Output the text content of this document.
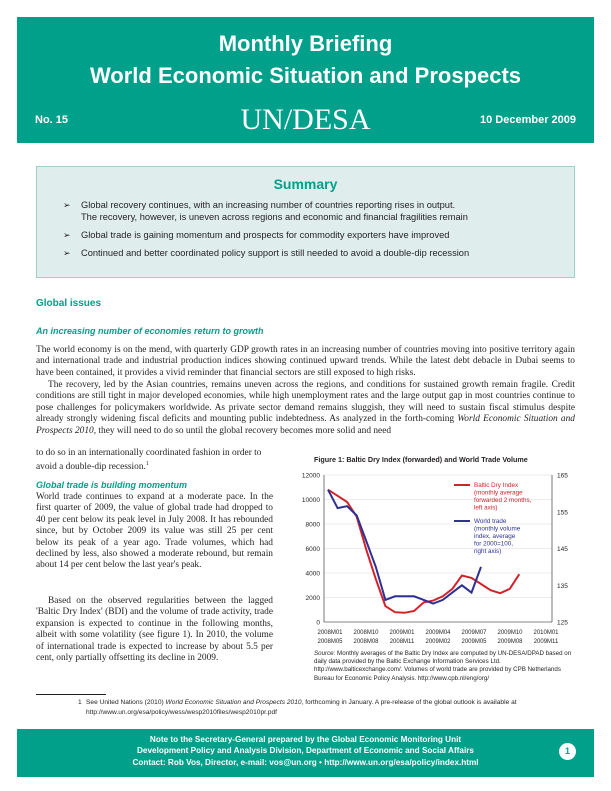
Monthly Briefing
World Economic Situation and Prospects
No. 15	UN/DESA	10 December 2009
Summary
➢ Global recovery continues, with an increasing number of countries reporting rises in output.
The recovery, however, is uneven across regions and economic and financial fragilities remain
➢ Global trade is gaining momentum and prospects for commodity exporters have improved
➢ Continued and better coordinated policy support is still needed to avoid a double-dip recession
Global issues
An increasing number of economies return to growth
The world economy is on the mend, with quarterly GDP growth rates in an increasing number of countries moving into positive territory again and international trade and industrial production indices showing continued upward trends. While the latest debt debacle in Dubai seems to have been contained, it provides a vivid reminder that financial sectors are still exposed to high risks.
The recovery, led by the Asian countries, remains uneven across the regions, and conditions for sustained growth remain fragile. Credit conditions are still tight in major developed economies, while high unemployment rates and the large output gap in most countries continue to pose challenges for policymakers worldwide. As private sector demand remains sluggish, they will need to sustain fiscal stimulus despite already strongly widening fiscal deficits and mounting public indebtedness. As analyzed in the forth-coming World Economic Situation and Prospects 2010, they will need to do so until the global recovery becomes more solid and need
to do so in an internationally coordinated fashion in order to avoid a double-dip recession.$^1$
Global trade is building momentum
World trade continues to expand at a moderate pace. In the first quarter of 2009, the value of global trade had dropped to 40 per cent below its peak level in July 2008. It has rebounded since, but by October 2009 its value was still 25 per cent below its peak of a year ago. Trade volumes, which had declined by less, also showed a moderate rebound, but remain about 14 per cent below the last year's peak.
Based on the observed regularities between the lagged 'Baltic Dry Index' (BDI) and the volume of trade activity, trade expansion is expected to continue in the following months, albeit with some volatility (see figure 1). In 2010, the volume of international trade is expected to increase by about 5.5 per cent, only partially offsetting its decline in 2009.
Figure 1: Baltic Dry Index (forwarded) and World Trade Volume
0
2000
4000
6000
8000
10000
12000
125
135
145
155
165
2008M01 2008M10 2009M01 2009M04 2009M07 2009M10 2010M01
2008M05 2008M08 2008M11 2009M02 2009M05 2009M08 2009M11
Baltic Dry Index
(monthly average
forwarded 2 months,
left axis)
World trade
(monthly volume
index, average
for 2000=100,
right axis)
Source: Monthly averages of the Baltic Dry Index are computed by UN-DESA/DPAD based on daily data provided by the Baltic Exchange Information Services Ltd. http://www.balticexchange.com/. Volumes of world trade are provided by CPB Netherlands Bureau for Economic Policy Analysis. http://www.cpb.nl/eng/org/
1 See United Nations (2010) World Economic Situation and Prospects 2010, forthcoming in January. A pre-release of the global outlook is available at http://www.un.org/esa/policy/wess/wesp2010files/wesp2010pr.pdf
Note to the Secretary-General prepared by the Global Economic Monitoring Unit
Development Policy and Analysis Division, Department of Economic and Social Affairs
Contact: Rob Vos, Director, e-mail: vos@un.org • http://www.un.org/esa/policy/index.html
1
